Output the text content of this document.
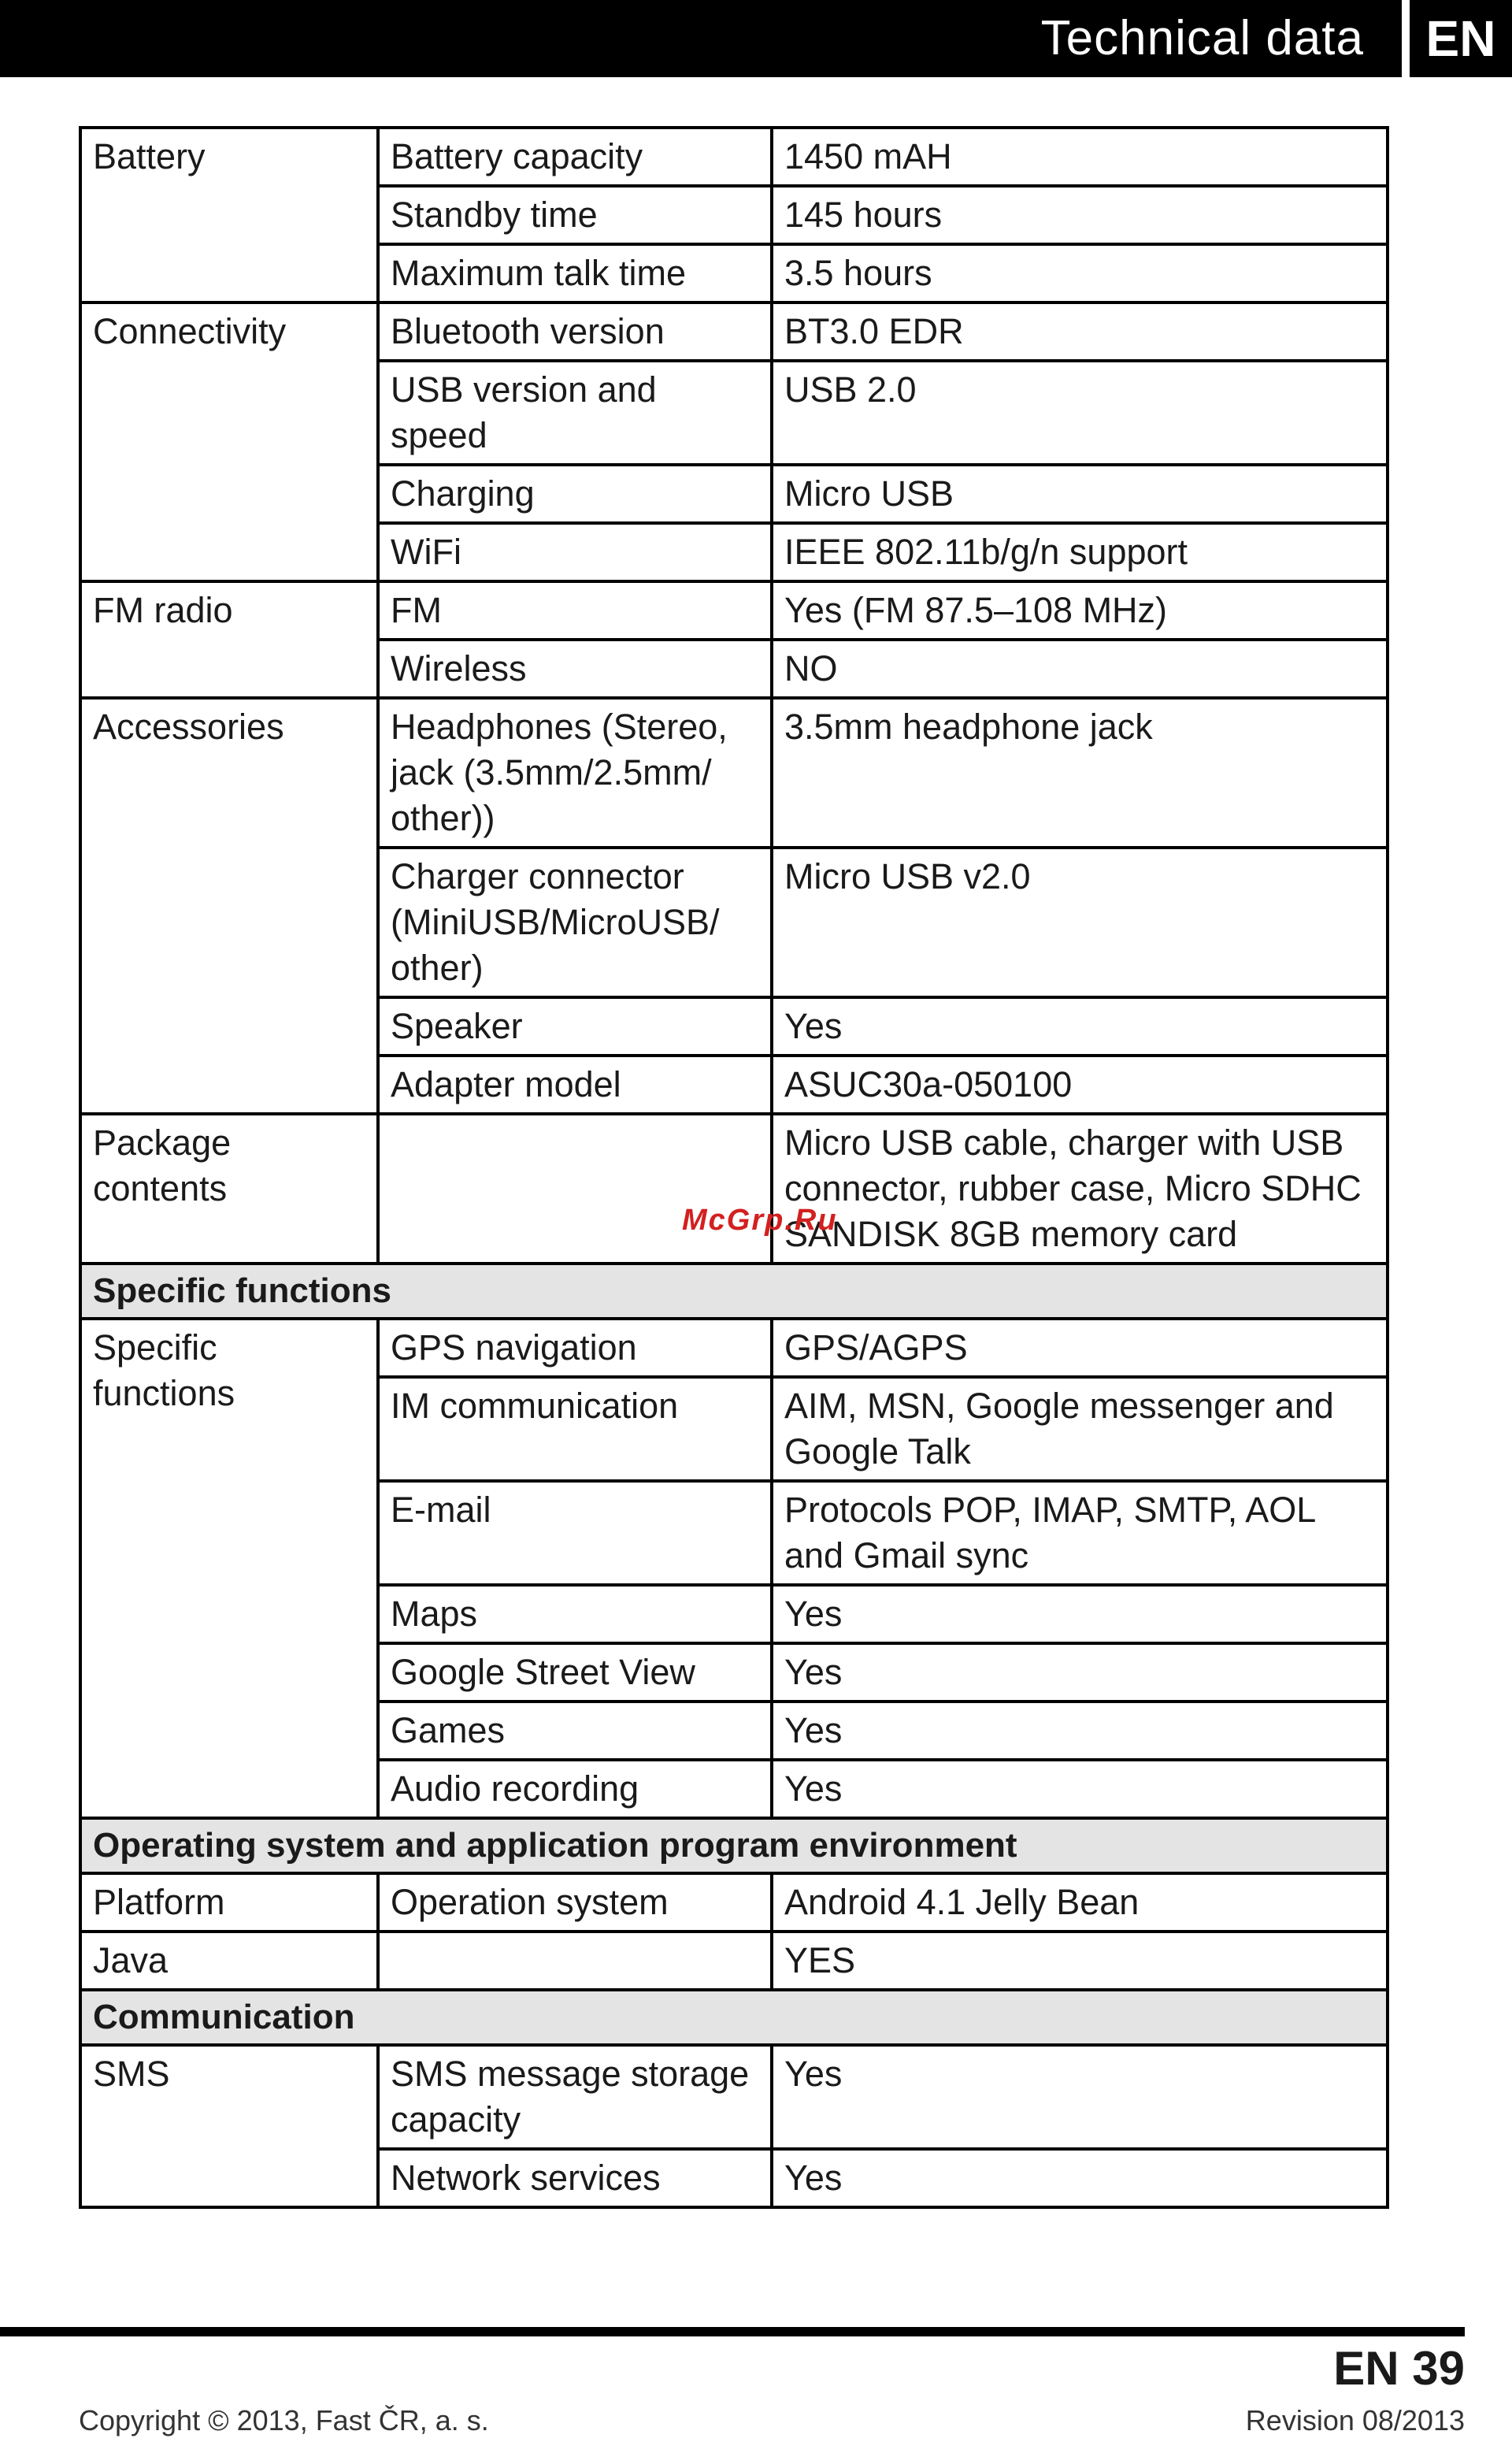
Technical data	EN
Battery	Battery capacity	1450 mAH
	Standby time	145 hours
	Maximum talk time	3.5 hours
Connectivity	Bluetooth version	BT3.0 EDR
	USB version and speed	USB 2.0
	Charging	Micro USB
	WiFi	IEEE 802.11b/g/n support
FM radio	FM	Yes (FM 87.5–108 MHz)
	Wireless	NO
Accessories	Headphones (Stereo, jack (3.5mm/2.5mm/ other))	3.5mm headphone jack
	Charger connector (MiniUSB/MicroUSB/ other)	Micro USB v2.0
	Speaker	Yes
	Adapter model	ASUC30a-050100
Package contents		Micro USB cable, charger with USB connector, rubber case, Micro SDHC SANDISK 8GB memory card
Specific functions		
Specific functions	GPS navigation	GPS/AGPS
	IM communication	AIM, MSN, Google messenger and Google Talk
	E-mail	Protocols POP, IMAP, SMTP, AOL and Gmail sync
	Maps	Yes
	Google Street View	Yes
	Games	Yes
	Audio recording	Yes
Operating system and application program environment		
Platform	Operation system	Android 4.1 Jelly Bean
Java		YES
Communication		
SMS	SMS message storage capacity	Yes
	Network services	Yes
McGrp.Ru
EN 39
Copyright © 2013, Fast ČR, a. s.	Revision 08/2013
